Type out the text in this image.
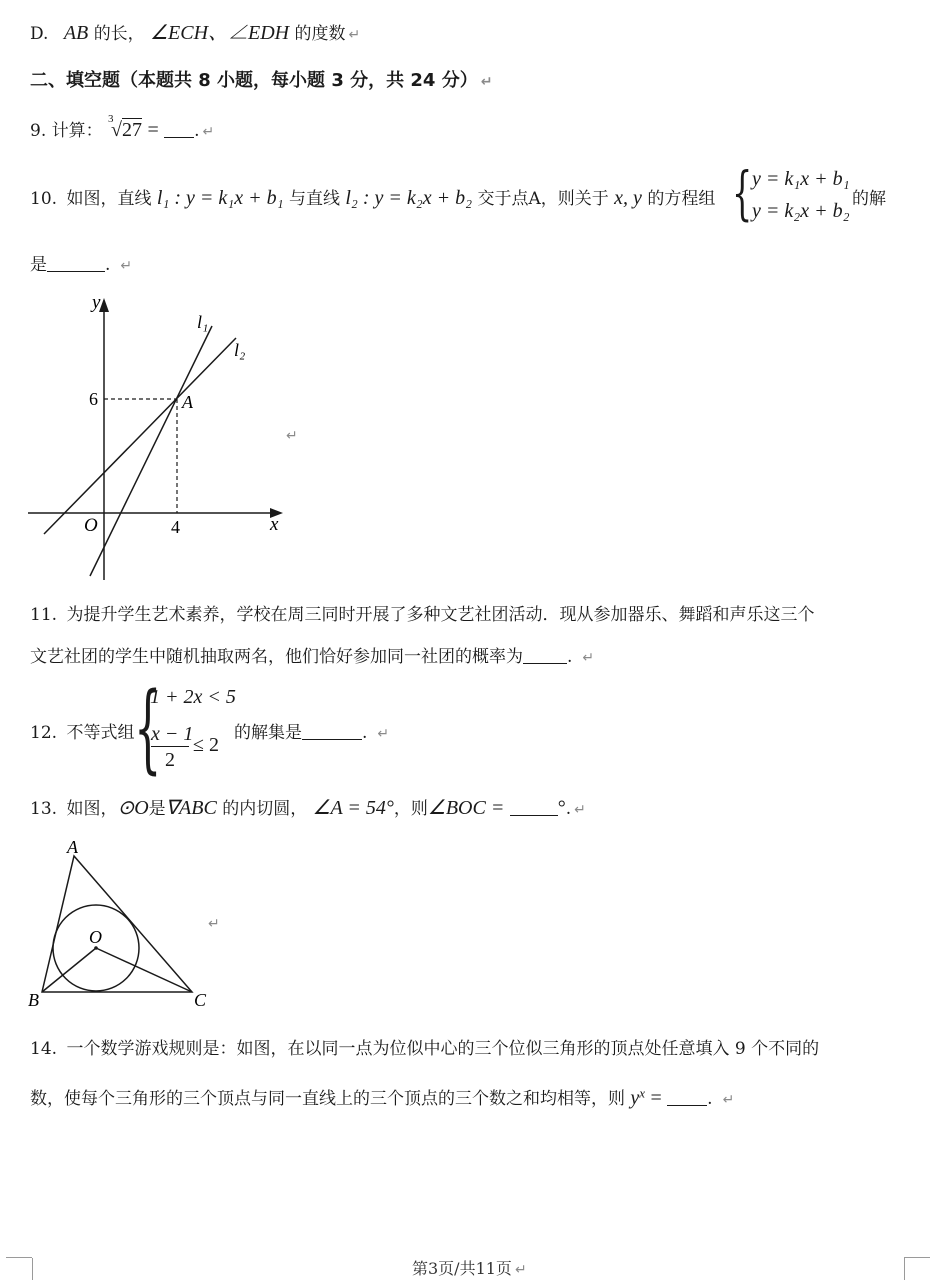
D. AB 的长， ∠ECH、∠EDH 的度数 ↵
二、填空题（本题共 8 小题，每小题 3 分，共 24 分） ↵
9. 计算：
3
√27 = . ↵
10. 如图，直线 l₁ : y = k₁x + b₁ 与直线 l₂ : y = k₂x + b₂ 交于点A，则关于 x, y 的方程组 { y = k₁x + b₁
y = k₂x + b₂
的解
是	. ↵
y
x
O
6
4
A
l₁
l₂
↵
11. 为提升学生艺术素养，学校在周三同时开展了多种文艺社团活动．现从参加器乐、舞蹈和声乐这三个
文艺社团的学生中随机抽取两名，他们恰好参加同一社团的概率为	. ↵
12. 不等式组 {
1 + 2x < 5
$\frac{x - 1}{2} \le 2$
的解集是	. ↵
13. 如图，⊙O是∇ABC 的内切圆， ∠A = 54°，则∠BOC =	°. ↵
A
B	C
O
↵
14. 一个数学游戏规则是：如图，在以同一点为位似中心的三个位似三角形的顶点处任意填入 9 个不同的
数，使每个三角形的三个顶点与同一直线上的三个顶点的三个数之和均相等，则 $y^x$ =	. ↵
第3页/共11页 ↵
